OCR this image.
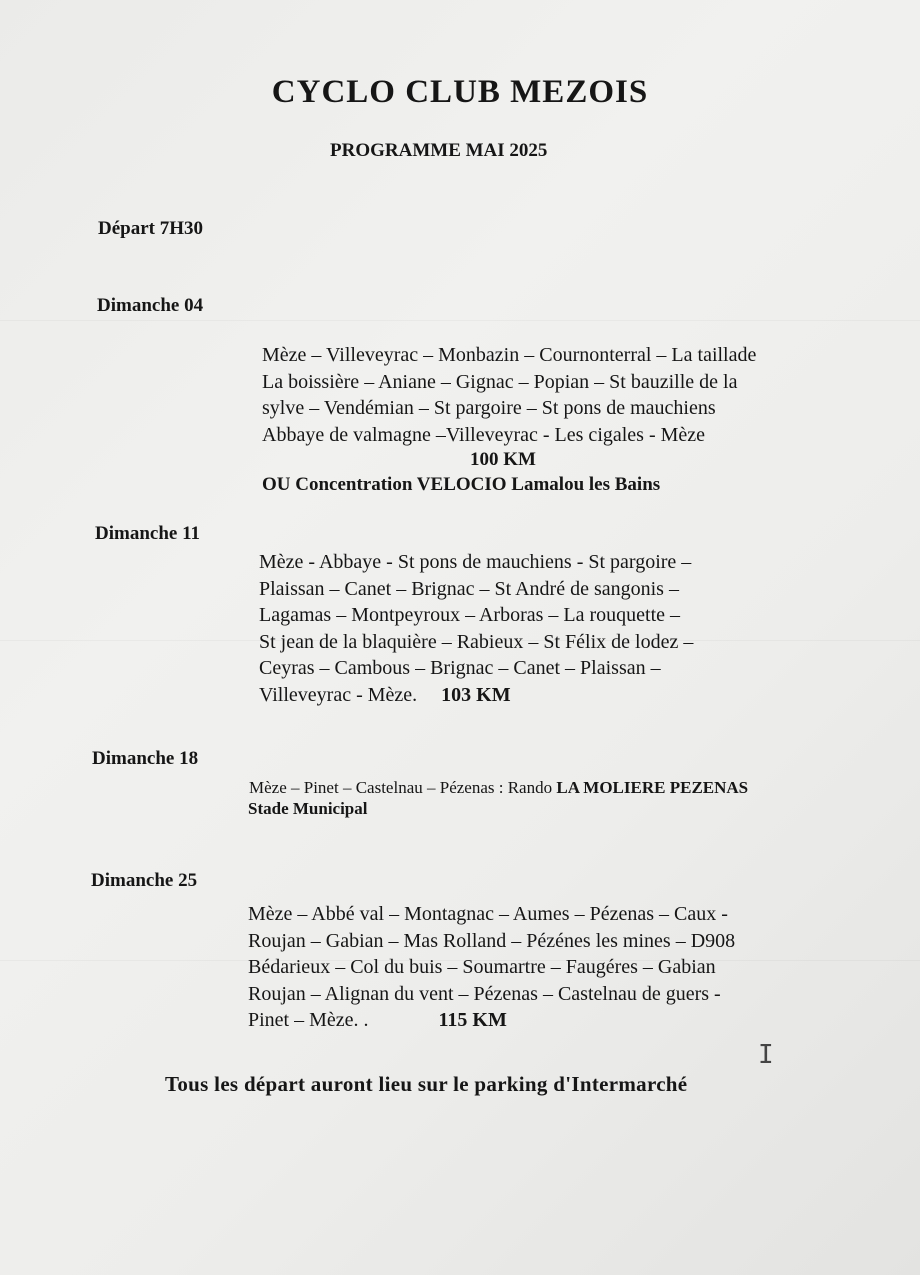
CYCLO CLUB MEZOIS
PROGRAMME MAI 2025
Départ 7H30
Dimanche 04
Mèze – Villeveyrac – Monbazin – Cournonterral – La taillade
La boissière – Aniane – Gignac – Popian – St bauzille de la
sylve – Vendémian – St pargoire – St pons de mauchiens
Abbaye de valmagne –Villeveyrac - Les cigales - Mèze
100 KM
OU Concentration VELOCIO Lamalou les Bains
Dimanche 11
Mèze - Abbaye - St pons de mauchiens - St pargoire –
Plaissan – Canet – Brignac – St André de sangonis –
Lagamas – Montpeyroux – Arboras – La rouquette –
St jean de la blaquière – Rabieux – St Félix de lodez –
Ceyras – Cambous – Brignac – Canet – Plaissan –
Villeveyrac - Mèze. 103 KM
Dimanche 18
Mèze – Pinet – Castelnau – Pézenas : Rando LA MOLIERE PEZENAS
Stade Municipal
Dimanche 25
Mèze – Abbé val – Montagnac – Aumes – Pézenas – Caux -
Roujan – Gabian – Mas Rolland – Pézénes les mines – D908
Bédarieux – Col du buis – Soumartre – Faugéres – Gabian
Roujan – Alignan du vent – Pézenas – Castelnau de guers -
Pinet – Mèze. .	115 KM
I
Tous les départ auront lieu sur le parking d'Intermarché
